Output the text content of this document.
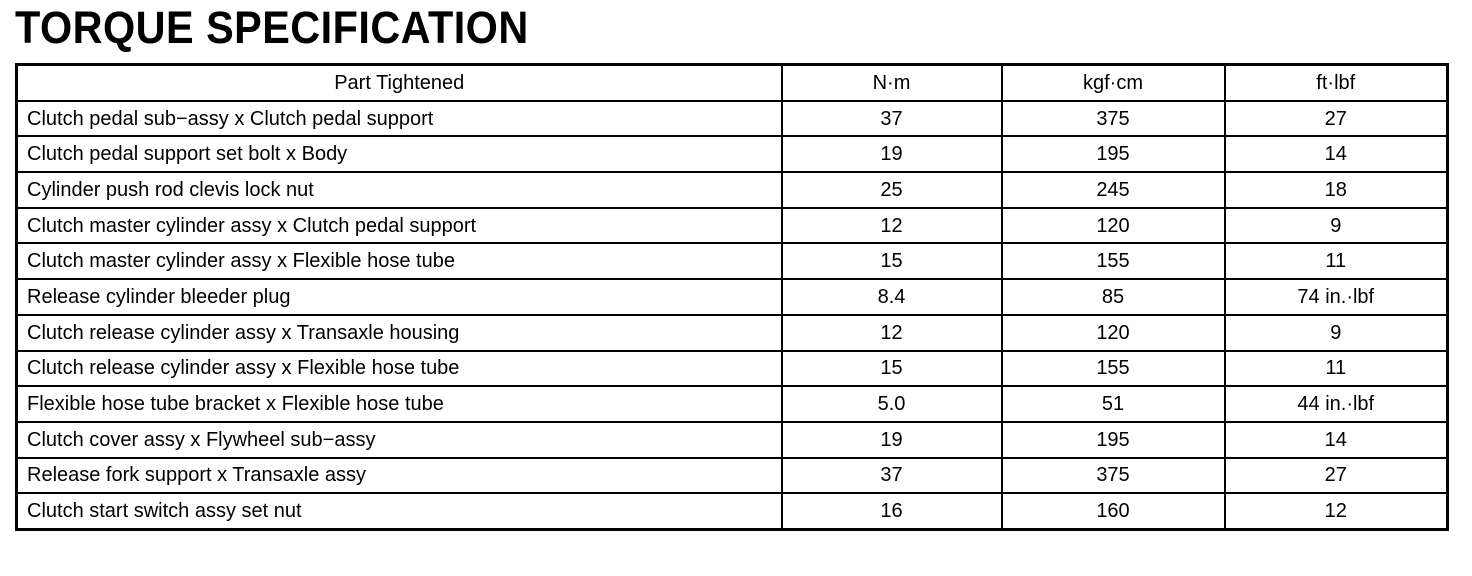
TORQUE SPECIFICATION
Part Tightened	N·m	kgf·cm	ft·lbf
Clutch pedal sub−assy x Clutch pedal support	37	375	27
Clutch pedal support set bolt x Body	19	195	14
Cylinder push rod clevis lock nut	25	245	18
Clutch master cylinder assy x Clutch pedal support	12	120	9
Clutch master cylinder assy x Flexible hose tube	15	155	11
Release cylinder bleeder plug	8.4	85	74 in.·lbf
Clutch release cylinder assy x Transaxle housing	12	120	9
Clutch release cylinder assy x Flexible hose tube	15	155	11
Flexible hose tube bracket x Flexible hose tube	5.0	51	44 in.·lbf
Clutch cover assy x Flywheel sub−assy	19	195	14
Release fork support x Transaxle assy	37	375	27
Clutch start switch assy set nut	16	160	12
